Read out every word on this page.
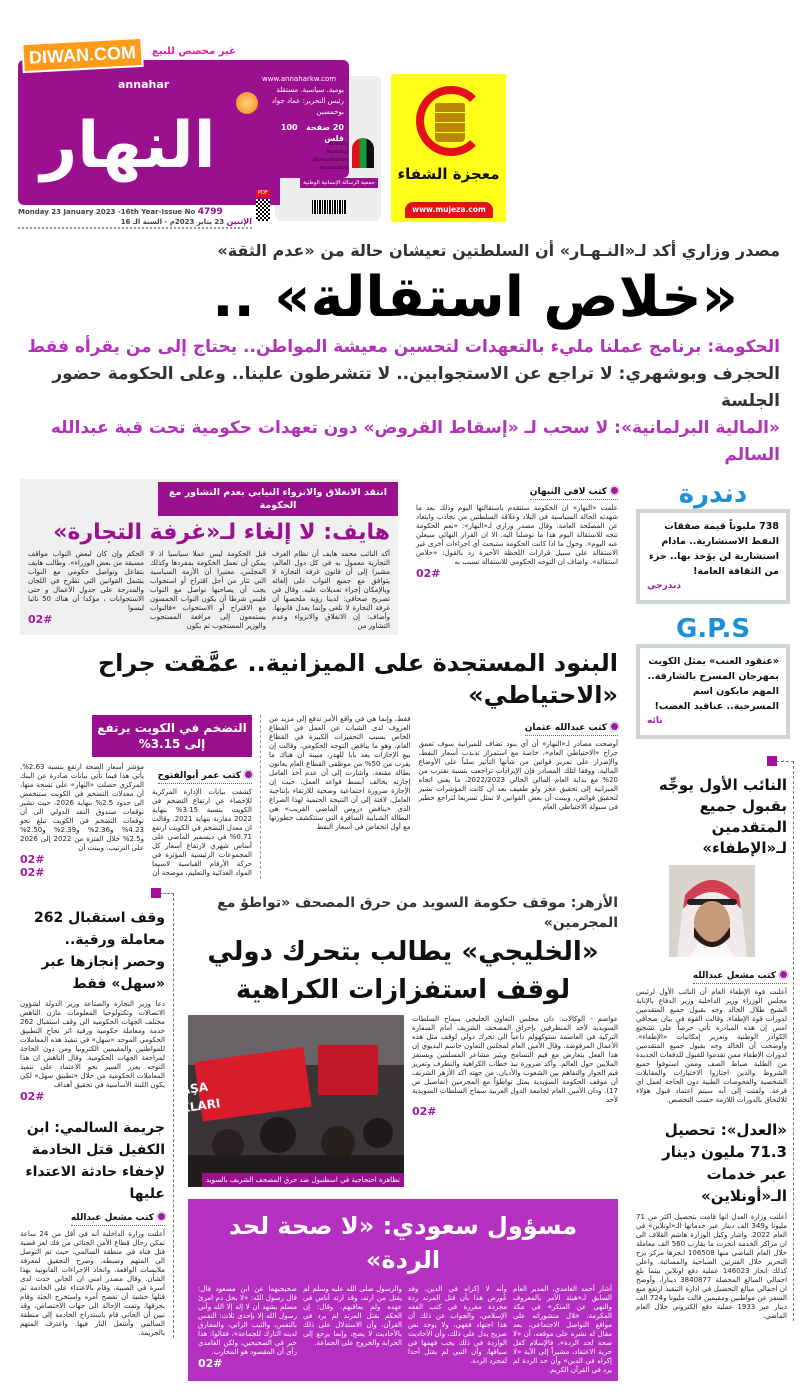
DIWAN.COM	غير مخصص للبيع
annahar
النهار
www.annaharkw.com
يومية. سياسية. مستقلة
رئيس التحرير: عماد جواد بوخمسين
20 صفحة   100 فلس
Alreada National Humanitarian Association
جمعية الرسالة الإنسانية الوطنية
PDF
Monday 23 January 2023 -16th Year-Issue No 4799
الإثنين 23 يناير 2023م - السنة الـ 16
معجزة الشفاء
www.mujeza.com
مصدر وزاري أكد لـ«النـهـار» أن السلطتين تعيشان حالة من «عدم الثقة»
«خلاص استقالة» ..
الحكومة: برنامج عملنا مليء بالتعهدات لتحسين معيشة المواطن.. يحتاج إلى من يقرأه فقط
الحجرف وبوشهري: لا تراجع عن الاستجوابين.. لا تتشرطون علينا.. وعلى الحكومة حضور الجلسة
«المالية البرلمانية»: لا سحب لـ «إسقاط القروض» دون تعهدات حكومية تحت قبة عبدالله السالم
دندرة
738 مليوناً قيمة صفقات النفط الاستشارية.. مادام استشارية لن يؤخذ بها.. جزء من الثقافة العامة!
دندرجي
G.P.S
«عنقود العنب» يمثل الكويت بمهرجان المسرح بالشارقة.. المهم مايكون اسم المسرحية.. عناقيد الغضب!
تائه
النائب الأول يوجِّه بقبول جميع المتقدمين لـ«الإطفاء»
كتب مشعل عبدالله
أعلنت قوة الإطفاء العام أن النائب الأول لرئيس مجلس الوزراء وزير الداخلية وزير الدفاع بالإنابة الشيخ طلال الخالد وجه بقبول جميع المتقدمين لدورات قوة الإطفاء. وقالت القوة في بيان صحافي امس إن هذه المبادرة تأتي حرصاً على تشجيع الكوادر الوطنية وتعزيز إمكانيات «الإطفاء». وأوضحت أن الخالد وجه بقبول جميع المتقدمين لدورات الإطفاء ممن تقدموا للقبول للدفعات الجديدة من الطلبة ضباط الصف وممن استوفوا جميع الشروط والذين اجتازوا الاختبارات والمقابلات الشخصية والفحوصات الطبية دون الحاجة لعمل اي قرعة. ولفتت إلى أنه سيتم اعتماد قبول هؤلاء للالتحاق بالدورات اللازمة حسب التخصص.
«العدل»: تحصيل 71.3 مليون دينار عبر خدمات الـ«أونلاين»
أعلنت وزارة العدل انها قامت بتحصيل اكثر من 71 مليونا و349 الف دينار عبر خدماتها الـ«اونلاين» في العام 2022. واشار وكيل الوزارة هاشم القلاف الى ان مراكز الخدمة انجزت ما يقارب 560 الف معاملة خلال العام الماضي منها 106508 انجزها مركز برج التحرير خلال الفترتين الصباحية والمسائية. واعلن كذلك انجاز 146023 عملية دفع اونلاين بينما بلغ اجمالي المبالغ المحصلة 3840877 دينارا، وأوضح ان اجمالي مبالغ التحصيل في ادارة التنفيذ ارتفع منع السفر عن مواطنين ومقيمين قالت مليونا و724 الف دينار عبر 1933 عملية دفع الكتروني خلال العام الماضي.
كتب لافي النبهان
علمت «النهار» ان الحكومة ستتقدم باستقالتها اليوم وذلك بعد ما شهدته الحالة السياسية في البلاد وعلاقة السلطتين من تجاذب وابتعاد عن المصلحة العامة. وقال مصدر وزاري لـ«النهار»: «نعم الحكومة تتجه للاستقالة اليوم هذا ما توصلنا اليه. الا ان القرار النهائي سيعلن عنه اليوم». وحول ما اذا كانت الحكومة ستبحث أي اجراءات أخرى غير الاستقالة على سبيل قرارات اللحظة الأخيرة رد بالقول: «خلاص استقالة». واضاف ان التوجه الحكومي للاستقالة تسبب به
02#
انتقد الانغلاق والانزواء النيابي بعدم التشاور مع الحكومة
هايف: لا إلغاء لـ«غرفة التجارة»
أكد النائب محمد هايف أن نظام الغرف التجارية معمول به في كل دول العالم، مشيرا إلى أن قانون غرفة التجارة لا يتوافق مع جميع النواب على إلغائه وبالإمكان إجراء تعديلات عليه. وقال في تصريح صحافي: لدينا رؤية ملخصها أن غرفة التجارة لا تلغى وإنما يعدل قانونها. وأضاف: إن الانغلاق والانزواء وعدم التشاور من
قبل الحكومة ليس عملا سياسيا اذ لا يمكن أن تعمل الحكومة بمفردها وكذلك المجلس، معتبرا أن الأزمة السياسية التي تثار من أجل اقتراح أو استجواب يجب أن يصاحبها تواصل مع النواب فليس شرطا أن يكون النواب الخمسون مع الاقتراح أو الاستجواب «فالنواب يستمعون إلى مرافعة المستجوب والوزير المستجوب ثم يكون
الحكم وإن كان لبعض النواب مواقف مسبقة من بعض الوزراء». وطالب هايف بتفاعل وتواصل حكومي مع النواب يشمل القوانين التي تطرح في اللجان والمدرجة على جدول الأعمال و حتى الاستجوابات ، مؤكدا أن هناك 50 نائبا ليسوا
02#
البنود المستجدة على الميزانية.. عمَّقت جراح «الاحتياطي»
كتب عبدالله عثمان
أوضحت مصادر لـ«النهار» أن أي بنود تضاف للميزانية سوف تعمق جراح «الاحتياطي العام»، خاصة مع استمرار تذبذب أسعار النفط، والإصرار على تمرير قوانين من شأنها التأثير سلباً على الأوضاع المالية. ووفقا لتلك المصادر فإن الإيرادات تراجعت بنسبة تقترب من 20% مع بداية العام المالي الحالي 2022/2023، ما يعني اتجاه الميزانية إلى تحقيق عجز ولو طفيف بعد أن كانت المؤشرات تشير لتحقيق فوائض، وبينت أن بعض القوانين لا تمثل تسريعا لتراجع خطير في سيولة الاحتياطي العام
فقط، وإنما هي في واقع الأمر تدفع إلى مزيد من العزوف لدى الشباب عن العمل في القطاع الخاص بسبب التحفيزات الكبيرة في القطاع العام، وهو ما يناقض التوجه الحكومي. وقالت إن بيع الإجازات يعد بابا للهدر، مبينة أن هناك ما يقرب من 50% من موظفي القطاع العام يعانون بطالة مقنعة. وأشارت إلى أن عدم أخذ العامل إجازته يخالف أبسط قواعد العمل، حيث إن الإجازة ضرورة اجتماعية وصحية للارتقاء بإنتاجية العامل، لافتة إلى أن النتيجة الحتمية لهذا الصراع الذي «يناقض دروس الماضي القريب» هي البطالة الشبابية السافرة التي ستتكشف خطورتها مع أول انخفاض في أسعار النفط
التضخم في الكويت يرتفع إلى 3.15%
كتب عمر أبوالفتوح
كشفت بيانات الإدارة المركزية للإحصاء عن ارتفاع التضخم في الكويت بنسبة 3.15% بنهاية 2022 مقارنة بنهاية 2021. وقالت ان معدل التضخم في الكويت ارتفع 0.71% في ديسمبر الماضي على أساس شهري لارتفاع أسعار كل المجموعات الرئيسية المؤثرة في حركة الأرقام القياسية لاسيما المواد الغذائية والتعليم، موضحة أن
مؤشر أسعار الصحة ارتفع بنسبة 2.63%. يأتي هذا فيما تأتي بيانات صادرة عن البنك المركزي حصلت «النهار» على نسخة منها، أن معدلات التضخم في الكويت ستنخفض الى حدود 2.5% بنهاية 2026، حيث تشير توقعات صندوق النقد الدولي الى أن توقعات التضخم في الكويت تبلغ نحو 4.23% و2.36% و2.39% و2.50% و2.5% خلال الفترة من 2022 إلى 2026 على الترتيب. وبينت أن
02#
02#
الأزهر: موقف حكومة السويد من حرق المصحف «تواطؤ مع المجرمين»
«الخليجي» يطالب بتحرك دولي لوقف استفزازات الكراهية
عواصم - الوكالات: دان مجلس التعاون الخليجي سماح السلطات السويدية لأحد المتطرفين بإحراق المصحف الشريف أمام السفارة التركية في العاصمة ستوكهولم داعياً الى تحرك دولي لوقف مثل هذه الأعمال المرفوضة. وقال الأمين العام لمجلس التعاون جاسم البديوي إن هذا الفعل يتعارض مع قيم التسامح ويثير مشاعر المسلمين ويستفز الملايين حول العالم. وأكد ضرورة نبذ خطاب الكراهية والتطرف وتعزيز قيم الحوار والتفاهم بين الشعوب والأديان. من جهته أكد الأزهر الشريف أن موقف الحكومة السويدية يمثل تواطؤاً مع المجرمين (تفاصيل ص 17). ودان الأمين العام لجامعة الدول العربية سماح السلطات السويدية لأحد
02#
AMPAŞA
OCAKLARI
تظاهرة احتجاجية في اسطنبول ضد حرق المصحف الشريف بالسويد
مسؤول سعودي: «لا صحة لحد الردة»
أشار أحمد الغامدي، المدير العام السابق لـ«هيئة الأمر بالمعروف والنهي عن المنكر» في مكة المكرمة، خلال منشوراته على مواقع التواصل الاجتماعي، بعد مقال له نشره على موقعه، أن «لا صحة لحد الردة»، فالإسلام كفل حرية الاعتقاد، مشيراً إلى الآية «لا إكراه في الدين» وأن حد الردة لم يرد في القرآن الكريم.
وأنه لا إكراه في الدين، وقد عُورض هذا بأن قتل المرتد ردة مجردة مقررة في كتب الفقه الإسلامي، والجواب عن ذلك أن هذا اجتهاد فقهي، ولا يوجد نص صريح يدل على ذلك، وأن الأحاديث الواردة في ذلك يجب فهمها في سياقها، وأن النبي لم يقتل أحدا لمجرد الردة.
والرسول صلى الله عليه وسلم لم يقتل من ارتد، وقد ارتد أناس في عهده ولم يعاقبهم. وقال: إن الحكم بقتل المرتد لم يرد في القرآن، وأن الاستدلال على ذلك بالأحاديث لا يصح، وإنما يرجع إلى الحرابة والخروج على الجماعة.
صحيحيهما عن ابن مسعود قال: قال رسول الله: «لا يحل دم امرئ مسلم يشهد أن لا إله إلا الله وأني رسول الله إلا بإحدى ثلاث: النفس بالنفس، والثيب الزاني، والمفارق لدينه التارك للجماعة»، فقالوا: هذا خبر في الصحيحين، ولكن الغامدي رأى أن المقصود هو المحارب.
02#
وقف استقبال 262 معاملة ورقية.. وحصر إنجازها عبر «سهل» فقط
دعا وزير التجارة والصناعة وزير الدولة لشؤون الاتصالات وتكنولوجيا المعلومات مازن الناهض مختلف الجهات الحكومية الى وقف استقبال 262 خدمة ومعاملة حكومية ورقية اثر نجاح التطبيق الحكومي الموحد «سهل» في تنفيذ هذه المعاملات للمواطنين والمقيمين الكترونيا ومن دون الحاجة لمراجعة الجهات الحكومية. وقال الناهض ان هذا التوجه يعزز السير نحو الاعتماد على تنفيذ المعاملات الحكومية من خلال «تطبيق سهل» لكي يكون اللبنة الأساسية في تحقيق أهداف
02#
جريمة السالمي: ابن الكفيل قتل الخادمة لإخفاء حادثة الاعتداء عليها
كتب مشعل عبدالله
أعلنت وزارة الداخلية أنه في أقل من 24 ساعة تمكن رجال قطاع الأمن الجنائي من فك لغز قضية قتل فتاة في منطقة السالمي، حيث تم التوصل الى المتهم وضبطه. وصرح التحقيق لمعرفة ملابسات الواقعة، واتخاذ الإجراءات القانونية بهذا الشأن. وقال مصدر امني ان الجاني حدث لدى أسرة في الصبية، وقام بالاعتداء على الخادمة ثم قتلها خشية أن تفضح أمره واستخرج الجثة وقام بحرقها، وتمت الإحالة الى جهات الاختصاص، وقد تبين أن الجاني قام باستدراج الخادمة إلى منطقة السالمي وأشعل النار فيها. واعترف المتهم بالجريمة.
